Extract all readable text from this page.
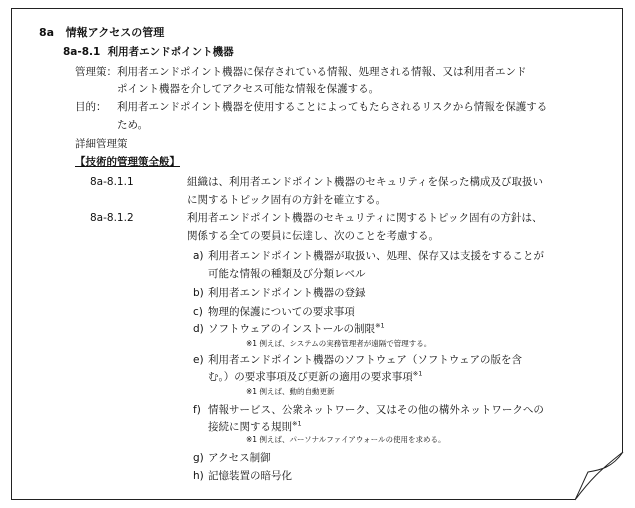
8a 情報アクセスの管理
8a-8.1 利用者エンドポイント機器
管理策： 利用者エンドポイント機器に保存されている情報、処理される情報、又は利用者エンド
ポイント機器を介してアクセス可能な情報を保護する。
目的： 利用者エンドポイント機器を使用することによってもたらされるリスクから情報を保護する
ため。
詳細管理策
【技術的管理策全般】
8a-8.1.1	組織は、利用者エンドポイント機器のセキュリティを保った構成及び取扱い
に関するトピック固有の方針を確立する。
8a-8.1.2	利用者エンドポイント機器のセキュリティに関するトピック固有の方針は、
関係する全ての要員に伝達し、次のことを考慮する。
a) 利用者エンドポイント機器が取扱い、処理、保存又は支援をすることが
可能な情報の種類及び分類レベル
b) 利用者エンドポイント機器の登録
c) 物理的保護についての要求事項
d) ソフトウェアのインストールの制限$^{※1}$
※1 例えば、システムの実務管理者が遠隔で管理する。
e) 利用者エンドポイント機器のソフトウェア（ソフトウェアの版を含
む。）の要求事項及び更新の適用の要求事項$^{※1}$
※1 例えば、動的自動更新
f) 情報サービス、公衆ネットワーク、又はその他の構外ネットワークへの
接続に関する規則$^{※1}$
※1 例えば、パーソナルファイアウォールの使用を求める。
g) アクセス制御
h) 記憶装置の暗号化
